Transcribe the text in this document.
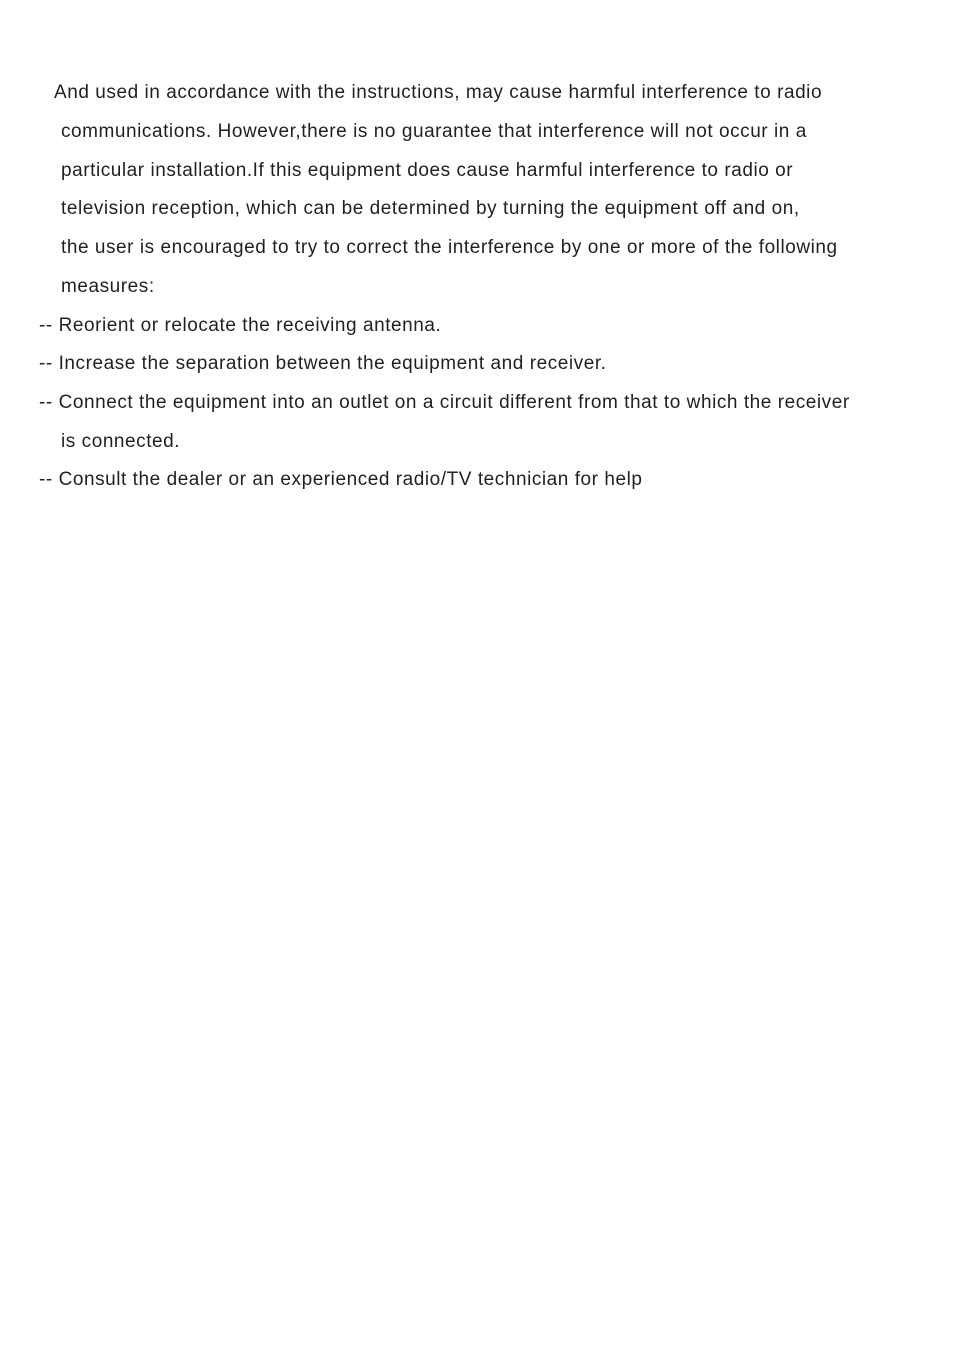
And used in accordance with the instructions, may cause harmful interference to radio
communications. However,there is no guarantee that interference will not occur in a
particular installation.If this equipment does cause harmful interference to radio or
television reception, which can be determined by turning the equipment off and on,
the user is encouraged to try to correct the interference by one or more of the following
measures:
-- Reorient or relocate the receiving antenna.
-- Increase the separation between the equipment and receiver.
-- Connect the equipment into an outlet on a circuit different from that to which the receiver
is connected.
-- Consult the dealer or an experienced radio/TV technician for help
